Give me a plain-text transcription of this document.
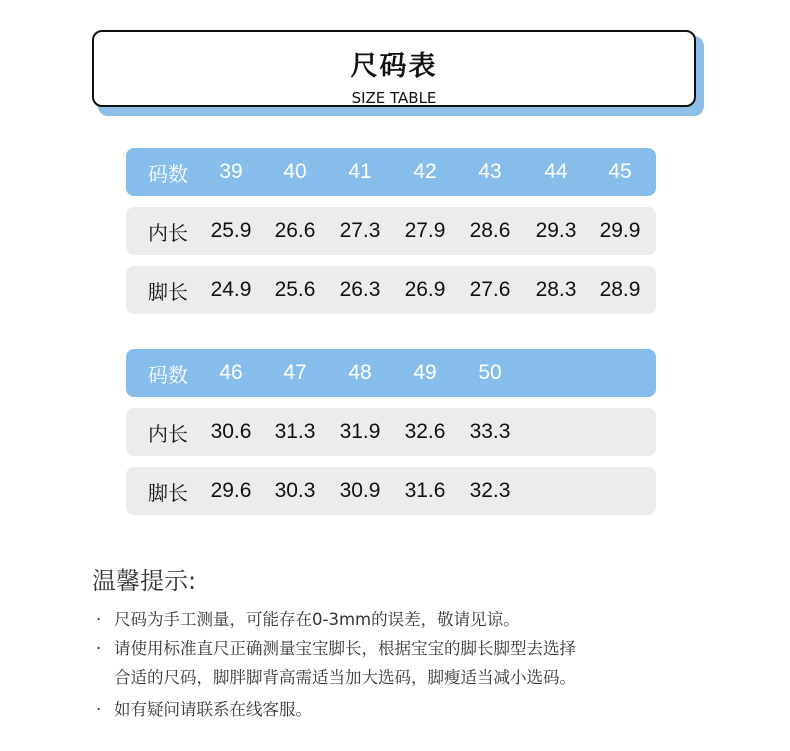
尺码表
SIZE TABLE
码数	39	40	41	42	43	44	45
内长	25.9	26.6	27.3	27.9	28.6	29.3	29.9
脚长	24.9	25.6	26.3	26.9	27.6	28.3	28.9
码数	46	47	48	49	50
内长	30.6	31.3	31.9	32.6	33.3
脚长	29.6	30.3	30.9	31.6	32.3
温馨提示:
· 尺码为手工测量，可能存在0-3mm的误差，敬请见谅。
· 请使用标准直尺正确测量宝宝脚长，根据宝宝的脚长脚型去选择
合适的尺码，脚胖脚背高需适当加大选码，脚瘦适当减小选码。
· 如有疑问请联系在线客服。
